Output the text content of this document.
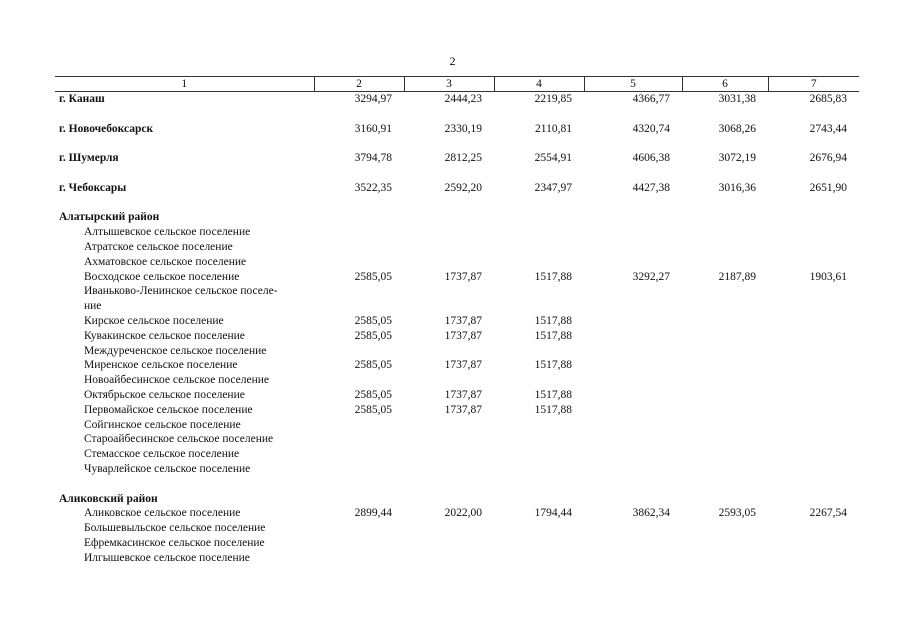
2
1	2	3	4	5	6	7
г. Канаш	3294,97	2444,23	2219,85	4366,77	3031,38	2685,83

г. Новочебоксарск	3160,91	2330,19	2110,81	4320,74	3068,26	2743,44

г. Шумерля	3794,78	2812,25	2554,91	4606,38	3072,19	2676,94

г. Чебоксары	3522,35	2592,20	2347,97	4427,38	3016,36	2651,90

Алатырский район						
Алтышевское сельское поселение						
Атратское сельское поселение						
Ахматовское сельское поселение						
Восходское сельское поселение	2585,05	1737,87	1517,88	3292,27	2187,89	1903,61
Иваньково-Ленинское сельское поселе-						
ние						
Кирское сельское поселение	2585,05	1737,87	1517,88			
Кувакинское сельское поселение	2585,05	1737,87	1517,88			
Междуреченское сельское поселение						
Миренское сельское поселение	2585,05	1737,87	1517,88			
Новоайбесинское сельское поселение						
Октябрьское сельское поселение	2585,05	1737,87	1517,88			
Первомайское сельское поселение	2585,05	1737,87	1517,88			
Сойгинское сельское поселение						
Староайбесинское сельское поселение						
Стемасское сельское поселение						
Чуварлейское сельское поселение						

Аликовский район						
Аликовское сельское поселение	2899,44	2022,00	1794,44	3862,34	2593,05	2267,54
Большевыльское сельское поселение						
Ефремкасинское сельское поселение						
Илгышевское сельское поселение						
